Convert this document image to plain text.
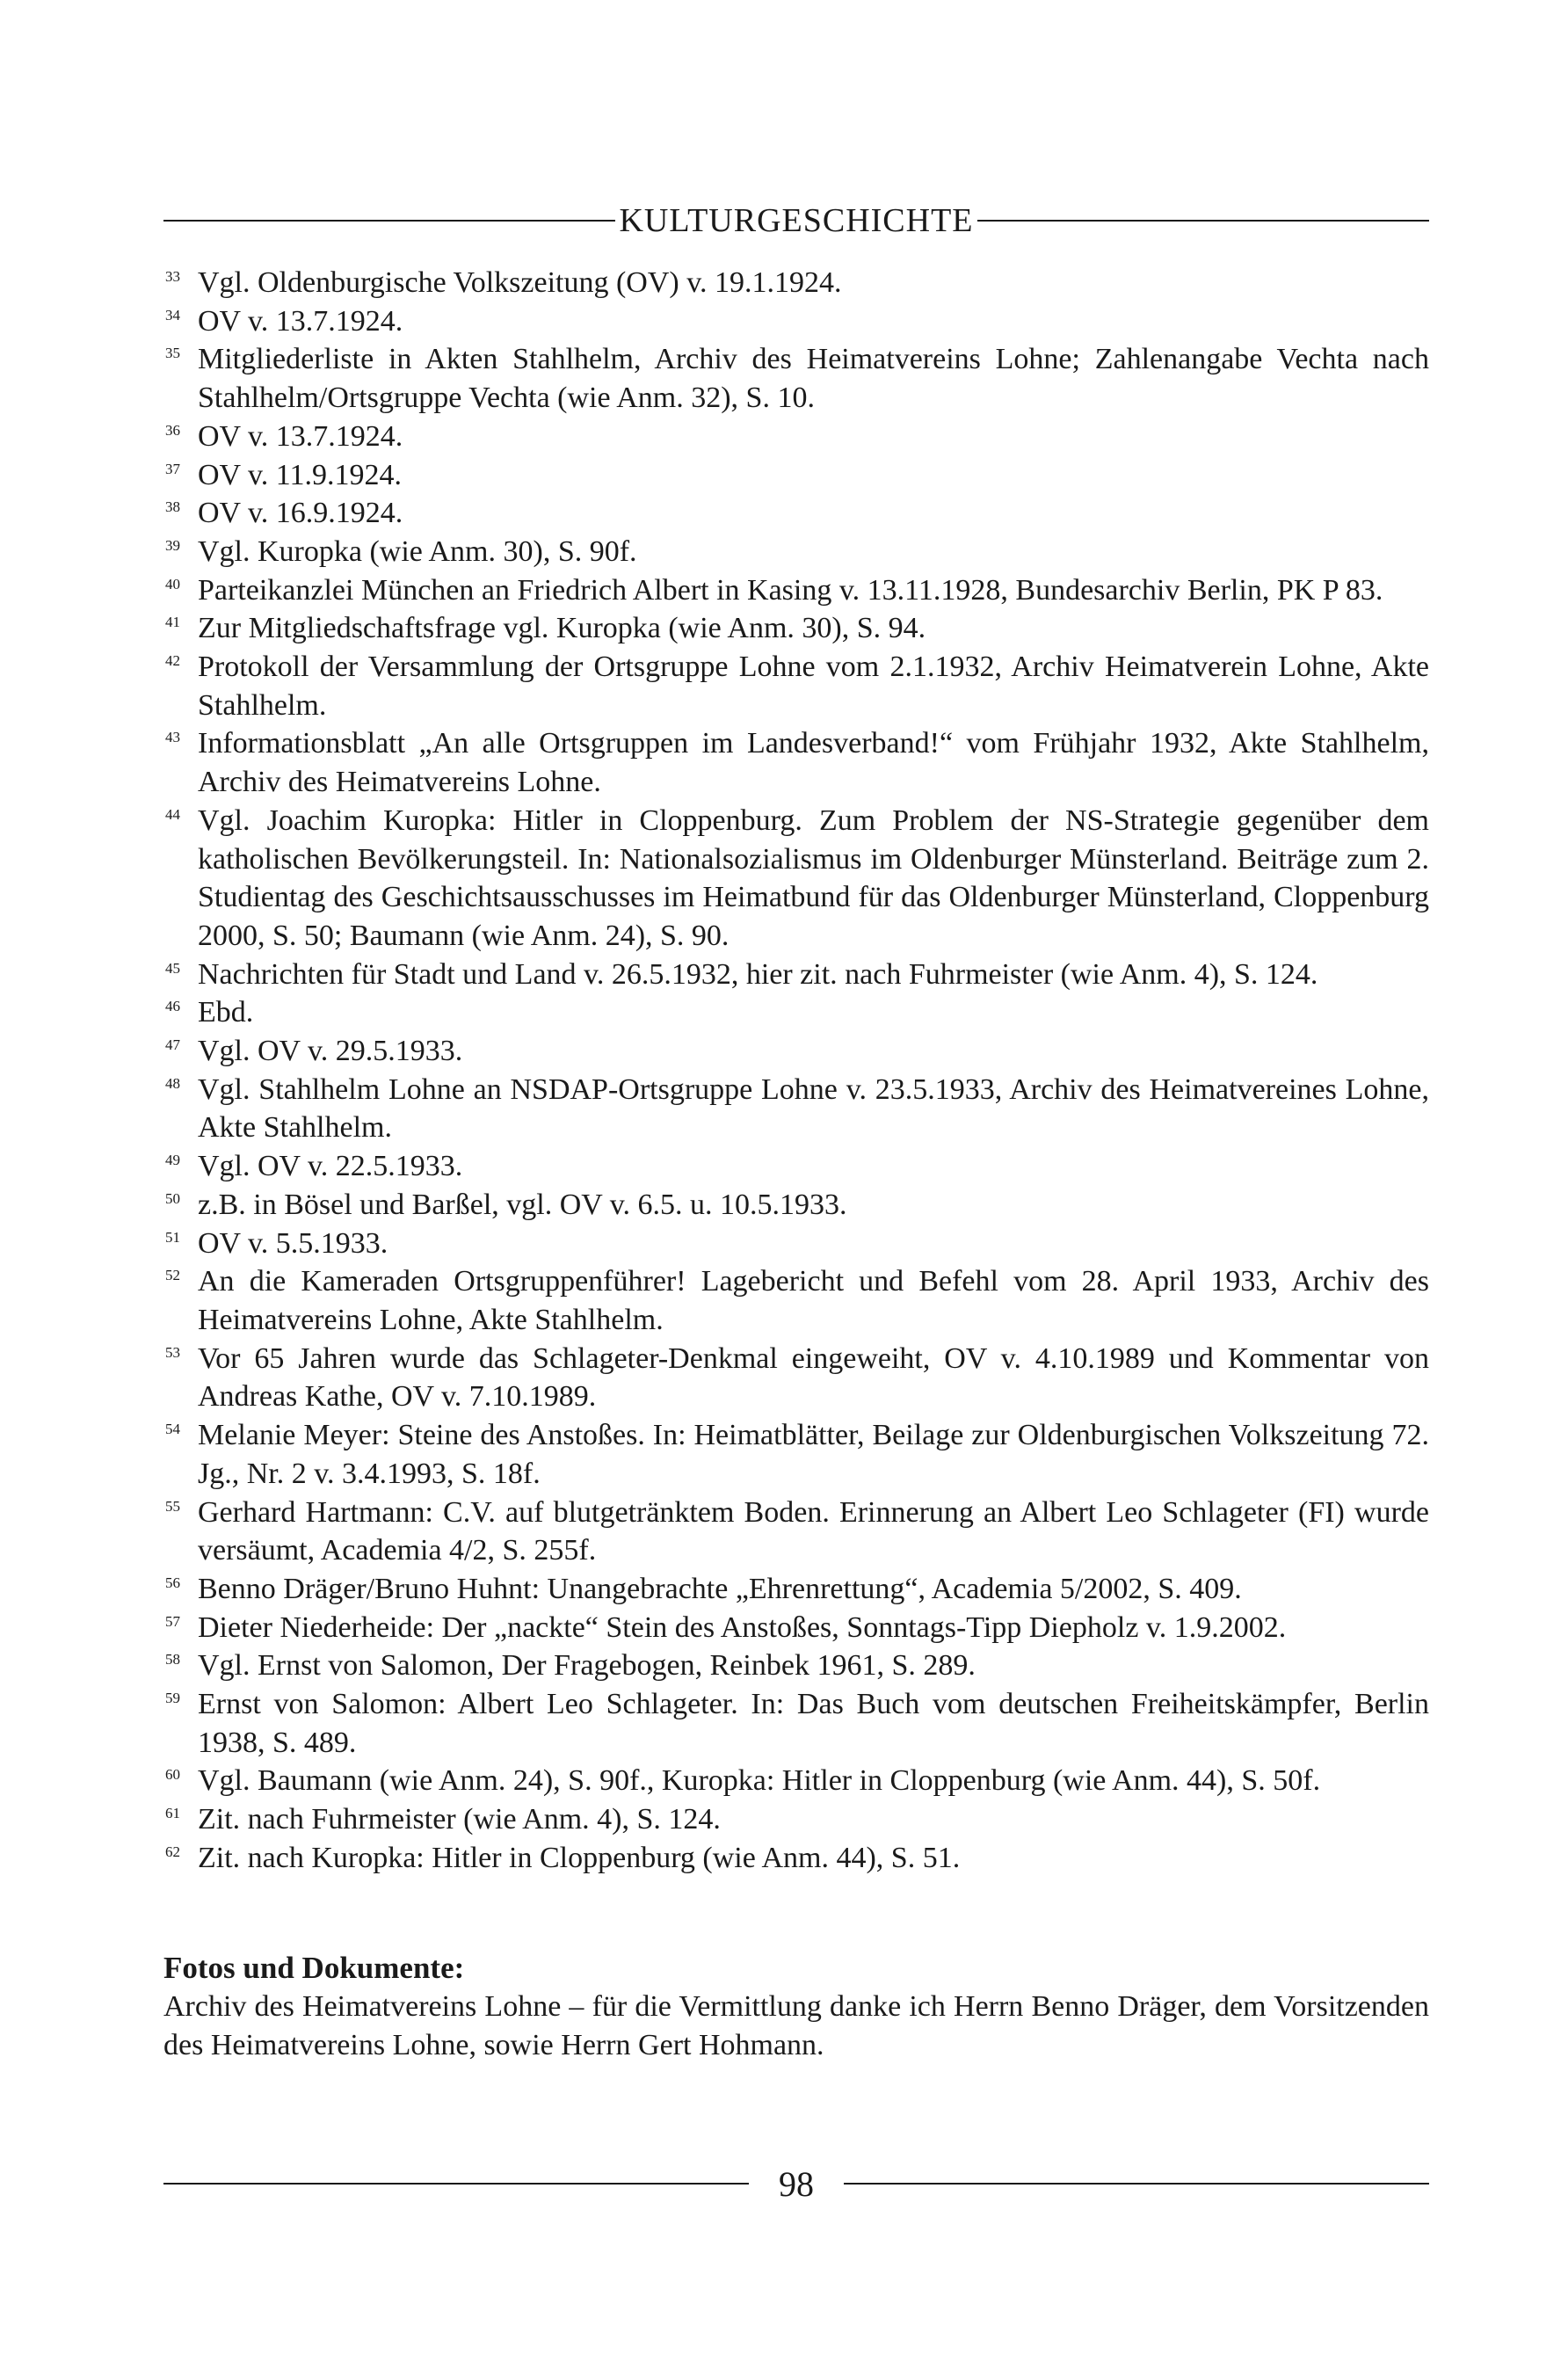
KULTURGESCHICHTE
33 Vgl. Oldenburgische Volkszeitung (OV) v. 19.1.1924.
34 OV v. 13.7.1924.
35 Mitgliederliste in Akten Stahlhelm, Archiv des Heimatvereins Lohne; Zahlenangabe Vechta nach Stahlhelm/Ortsgruppe Vechta (wie Anm. 32), S. 10.
36 OV v. 13.7.1924.
37 OV v. 11.9.1924.
38 OV v. 16.9.1924.
39 Vgl. Kuropka (wie Anm. 30), S. 90f.
40 Parteikanzlei München an Friedrich Albert in Kasing v. 13.11.1928, Bundesarchiv Berlin, PK P 83.
41 Zur Mitgliedschaftsfrage vgl. Kuropka (wie Anm. 30), S. 94.
42 Protokoll der Versammlung der Ortsgruppe Lohne vom 2.1.1932, Archiv Heimatverein Lohne, Akte Stahlhelm.
43 Informationsblatt „An alle Ortsgruppen im Landesverband!“ vom Frühjahr 1932, Akte Stahlhelm, Archiv des Heimatvereins Lohne.
44 Vgl. Joachim Kuropka: Hitler in Cloppenburg. Zum Problem der NS-Strategie gegenüber dem katholischen Bevölkerungsteil. In: Nationalsozialismus im Oldenburger Münsterland. Beiträge zum 2. Studientag des Geschichtsausschusses im Heimatbund für das Oldenburger Münsterland, Cloppenburg 2000, S. 50; Baumann (wie Anm. 24), S. 90.
45 Nachrichten für Stadt und Land v. 26.5.1932, hier zit. nach Fuhrmeister (wie Anm. 4), S. 124.
46 Ebd.
47 Vgl. OV v. 29.5.1933.
48 Vgl. Stahlhelm Lohne an NSDAP-Ortsgruppe Lohne v. 23.5.1933, Archiv des Heimatvereines Lohne, Akte Stahlhelm.
49 Vgl. OV v. 22.5.1933.
50 z.B. in Bösel und Barßel, vgl. OV v. 6.5. u. 10.5.1933.
51 OV v. 5.5.1933.
52 An die Kameraden Ortsgruppenführer! Lagebericht und Befehl vom 28. April 1933, Archiv des Heimatvereins Lohne, Akte Stahlhelm.
53 Vor 65 Jahren wurde das Schlageter-Denkmal eingeweiht, OV v. 4.10.1989 und Kommentar von Andreas Kathe, OV v. 7.10.1989.
54 Melanie Meyer: Steine des Anstoßes. In: Heimatblätter, Beilage zur Oldenburgischen Volkszeitung 72. Jg., Nr. 2 v. 3.4.1993, S. 18f.
55 Gerhard Hartmann: C.V. auf blutgetränktem Boden. Erinnerung an Albert Leo Schlageter (FI) wurde versäumt, Academia 4/2, S. 255f.
56 Benno Dräger/Bruno Huhnt: Unangebrachte „Ehrenrettung“, Academia 5/2002, S. 409.
57 Dieter Niederheide: Der „nackte“ Stein des Anstoßes, Sonntags-Tipp Diepholz v. 1.9.2002.
58 Vgl. Ernst von Salomon, Der Fragebogen, Reinbek 1961, S. 289.
59 Ernst von Salomon: Albert Leo Schlageter. In: Das Buch vom deutschen Freiheitskämpfer, Berlin 1938, S. 489.
60 Vgl. Baumann (wie Anm. 24), S. 90f., Kuropka: Hitler in Cloppenburg (wie Anm. 44), S. 50f.
61 Zit. nach Fuhrmeister (wie Anm. 4), S. 124.
62 Zit. nach Kuropka: Hitler in Cloppenburg (wie Anm. 44), S. 51.
Fotos und Dokumente:
Archiv des Heimatvereins Lohne – für die Vermittlung danke ich Herrn Benno Dräger, dem Vorsitzenden des Heimatvereins Lohne, sowie Herrn Gert Hohmann.
98
